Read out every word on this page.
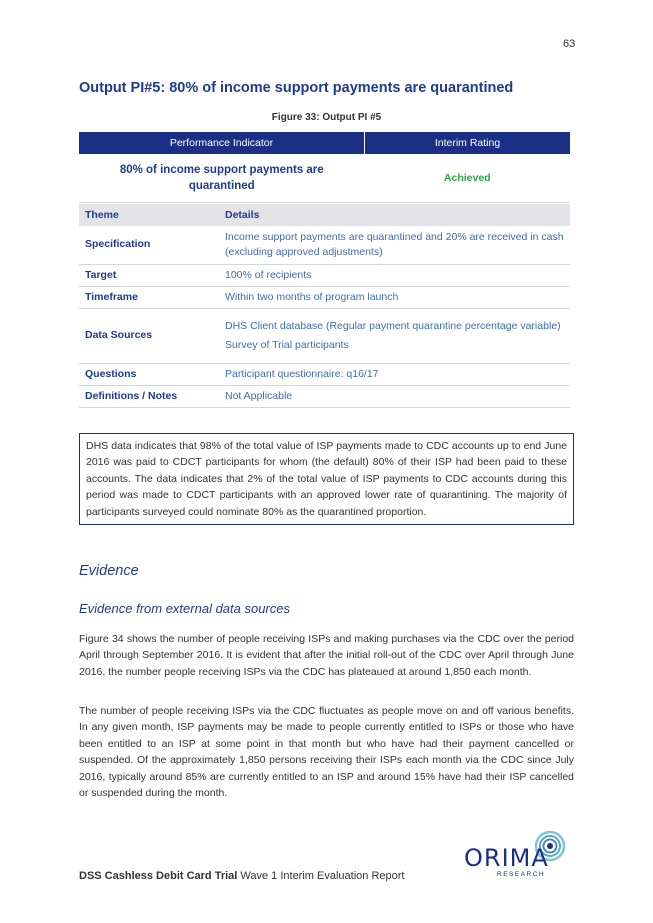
63
Output PI#5: 80% of income support payments are quarantined
Figure 33: Output PI #5
Performance Indicator	Interim Rating
80% of income support payments are
quarantined	Achieved
Theme	Details
Specification	Income support payments are quarantined and 20% are received in cash (excluding approved adjustments)
Target	100% of recipients
Timeframe	Within two months of program launch
Data Sources	DHS Client database (Regular payment quarantine percentage variable)
Survey of Trial participants

Questions	Participant questionnaire: q16/17
Definitions / Notes	Not Applicable
DHS data indicates that 98% of the total value of ISP payments made to CDC accounts up to end June 2016 was paid to CDCT participants for whom (the default) 80% of their ISP had been paid to these accounts. The data indicates that 2% of the total value of ISP payments to CDC accounts during this period was made to CDCT participants with an approved lower rate of quarantining. The majority of participants surveyed could nominate 80% as the quarantined proportion.
Evidence
Evidence from external data sources

Figure 34 shows the number of people receiving ISPs and making purchases via the CDC over the period April through September 2016. It is evident that after the initial roll-out of the CDC over April through June 2016, the number people receiving ISPs via the CDC has plateaued at around 1,850 each month.

The number of people receiving ISPs via the CDC fluctuates as people move on and off various benefits. In any given month, ISP payments may be made to people currently entitled to ISPs or those who have been entitled to an ISP at some point in that month but who have had their payment cancelled or suspended. Of the approximately 1,850 persons receiving their ISPs each month via the CDC since July 2016, typically around 85% are currently entitled to an ISP and around 15% have had their ISP cancelled or suspended during the month.

DSS Cashless Debit Card Trial Wave 1 Interim Evaluation Report
ORIMA
RESEARCH
